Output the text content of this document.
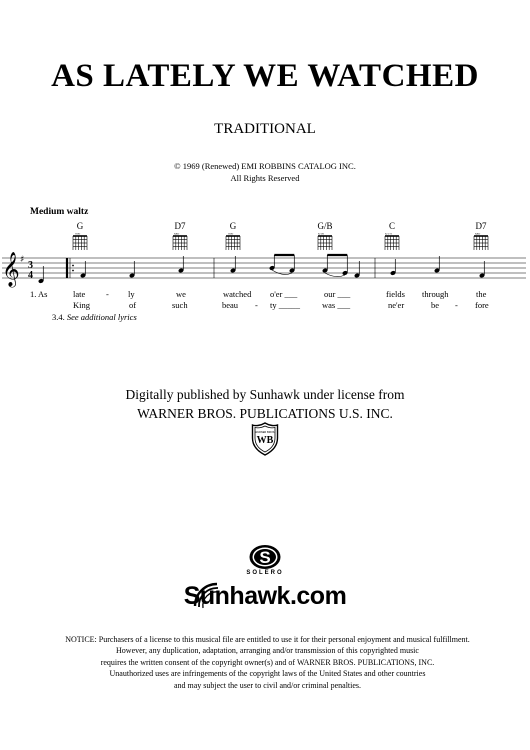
AS LATELY WE WATCHED
TRADITIONAL
© 1969 (Renewed) EMI ROBBINS CATALOG INC.
All Rights Reserved
Medium waltz
G	D7	G	G/B	C	D7
ooo	xxo	ooo	x oo	x o o	xxo
𝄞 ♯ 3
4
1. As	late - ly	we	watched o'er ___	our ___	fields through	the
King	of	such	beau - ty _____	was ___	ne'er	be - fore
3.4. See additional lyrics
Digitally published by Sunhawk under license from
WARNER BROS. PUBLICATIONS U.S. INC.
WB
WARNER BROS.
S
SOLERO
Sunhawk.com
NOTICE: Purchasers of a license to this musical file are entitled to use it for their personal enjoyment and musical fulfillment.
However, any duplication, adaptation, arranging and/or transmission of this copyrighted music
requires the written consent of the copyright owner(s) and of WARNER BROS. PUBLICATIONS, INC.
Unauthorized uses are infringements of the copyright laws of the United States and other countries
and may subject the user to civil and/or criminal penalties.
